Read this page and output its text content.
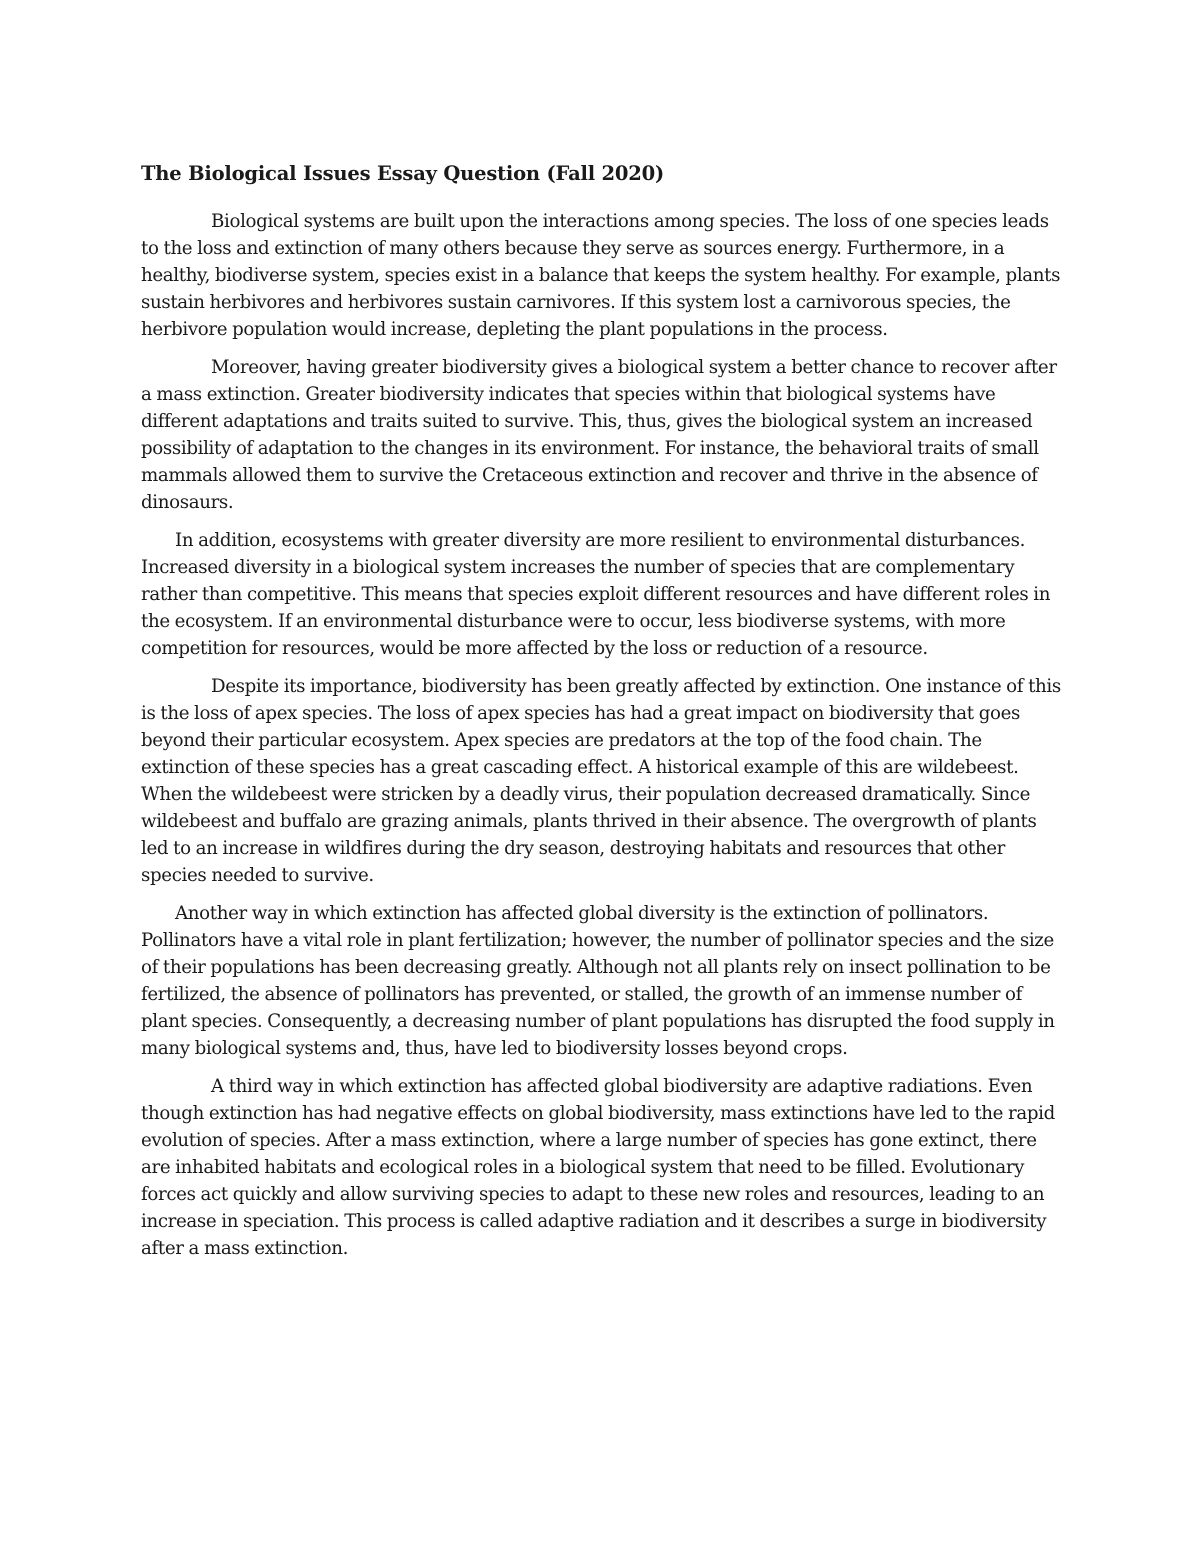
The Biological Issues Essay Question (Fall 2020)

Biological systems are built upon the interactions among species. The loss of one species leads to the loss and extinction of many others because they serve as sources energy. Furthermore, in a healthy, biodiverse system, species exist in a balance that keeps the system healthy. For example, plants sustain herbivores and herbivores sustain carnivores. If this system lost a carnivorous species, the herbivore population would increase, depleting the plant populations in the process.

Moreover, having greater biodiversity gives a biological system a better chance to recover after a mass extinction. Greater biodiversity indicates that species within that biological systems have different adaptations and traits suited to survive. This, thus, gives the biological system an increased possibility of adaptation to the changes in its environment. For instance, the behavioral traits of small mammals allowed them to survive the Cretaceous extinction and recover and thrive in the absence of dinosaurs.

In addition, ecosystems with greater diversity are more resilient to environmental disturbances. Increased diversity in a biological system increases the number of species that are complementary rather than competitive. This means that species exploit different resources and have different roles in the ecosystem. If an environmental disturbance were to occur, less biodiverse systems, with more competition for resources, would be more affected by the loss or reduction of a resource.

Despite its importance, biodiversity has been greatly affected by extinction. One instance of this is the loss of apex species. The loss of apex species has had a great impact on biodiversity that goes beyond their particular ecosystem. Apex species are predators at the top of the food chain. The extinction of these species has a great cascading effect. A historical example of this are wildebeest. When the wildebeest were stricken by a deadly virus, their population decreased dramatically. Since wildebeest and buffalo are grazing animals, plants thrived in their absence. The overgrowth of plants led to an increase in wildfires during the dry season, destroying habitats and resources that other species needed to survive.

Another way in which extinction has affected global diversity is the extinction of pollinators. Pollinators have a vital role in plant fertilization; however, the number of pollinator species and the size of their populations has been decreasing greatly. Although not all plants rely on insect pollination to be fertilized, the absence of pollinators has prevented, or stalled, the growth of an immense number of plant species. Consequently, a decreasing number of plant populations has disrupted the food supply in many biological systems and, thus, have led to biodiversity losses beyond crops.

A third way in which extinction has affected global biodiversity are adaptive radiations. Even though extinction has had negative effects on global biodiversity, mass extinctions have led to the rapid evolution of species. After a mass extinction, where a large number of species has gone extinct, there are inhabited habitats and ecological roles in a biological system that need to be filled. Evolutionary forces act quickly and allow surviving species to adapt to these new roles and resources, leading to an increase in speciation. This process is called adaptive radiation and it describes a surge in biodiversity after a mass extinction.
